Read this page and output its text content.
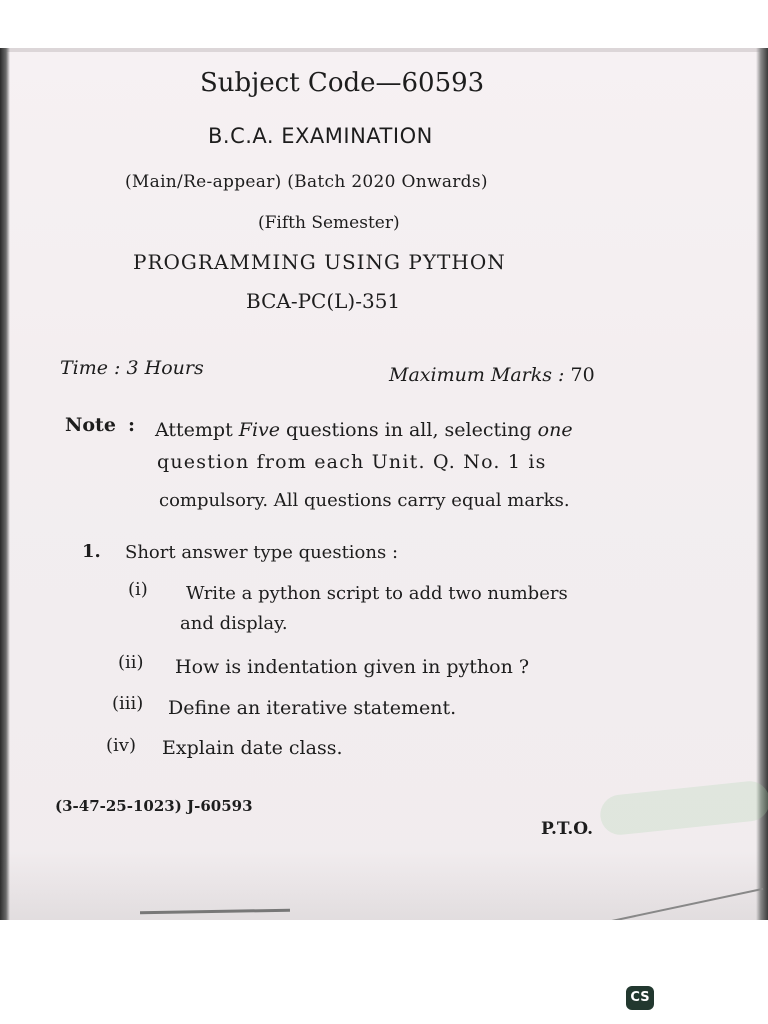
Subject Code—60593
B.C.A. EXAMINATION
(Main/Re-appear) (Batch 2020 Onwards)
(Fifth Semester)
PROGRAMMING USING PYTHON
BCA-PC(L)-351
Time : 3 Hours	Maximum Marks : 70
Note : Attempt Five questions in all, selecting one
question from each Unit. Q. No. 1 is
compulsory. All questions carry equal marks.
1. Short answer type questions :
(i) Write a python script to add two numbers
and display.
(ii) How is indentation given in python ?
(iii) Define an iterative statement.
(iv) Explain date class.
(3-47-25-1023) J-60593
P.T.O.
CS
